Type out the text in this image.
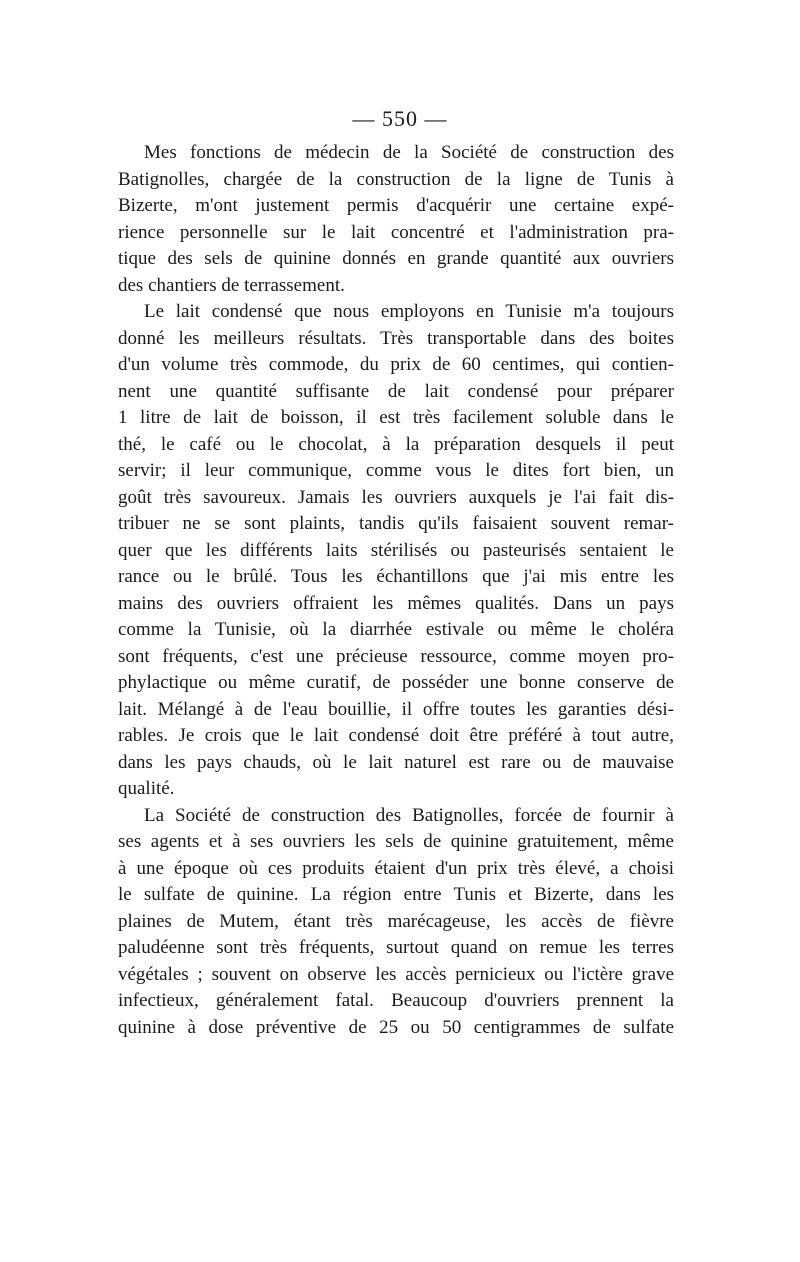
— 550 —
Mes fonctions de médecin de la Société de construction des
Batignolles, chargée de la construction de la ligne de Tunis à
Bizerte, m'ont justement permis d'acquérir une certaine expé-
rience personnelle sur le lait concentré et l'administration pra-
tique des sels de quinine donnés en grande quantité aux ouvriers
des chantiers de terrassement.
Le lait condensé que nous employons en Tunisie m'a toujours
donné les meilleurs résultats. Très transportable dans des boites
d'un volume très commode, du prix de 60 centimes, qui contien-
nent une quantité suffisante de lait condensé pour préparer
1 litre de lait de boisson, il est très facilement soluble dans le
thé, le café ou le chocolat, à la préparation desquels il peut
servir; il leur communique, comme vous le dites fort bien, un
goût très savoureux. Jamais les ouvriers auxquels je l'ai fait dis-
tribuer ne se sont plaints, tandis qu'ils faisaient souvent remar-
quer que les différents laits stérilisés ou pasteurisés sentaient le
rance ou le brûlé. Tous les échantillons que j'ai mis entre les
mains des ouvriers offraient les mêmes qualités. Dans un pays
comme la Tunisie, où la diarrhée estivale ou même le choléra
sont fréquents, c'est une précieuse ressource, comme moyen pro-
phylactique ou même curatif, de posséder une bonne conserve de
lait. Mélangé à de l'eau bouillie, il offre toutes les garanties dési-
rables. Je crois que le lait condensé doit être préféré à tout autre,
dans les pays chauds, où le lait naturel est rare ou de mauvaise
qualité.
La Société de construction des Batignolles, forcée de fournir à
ses agents et à ses ouvriers les sels de quinine gratuitement, même
à une époque où ces produits étaient d'un prix très élevé, a choisi
le sulfate de quinine. La région entre Tunis et Bizerte, dans les
plaines de Mutem, étant très marécageuse, les accès de fièvre
paludéenne sont très fréquents, surtout quand on remue les terres
végétales ; souvent on observe les accès pernicieux ou l'ictère grave
infectieux, généralement fatal. Beaucoup d'ouvriers prennent la
quinine à dose préventive de 25 ou 50 centigrammes de sulfate
